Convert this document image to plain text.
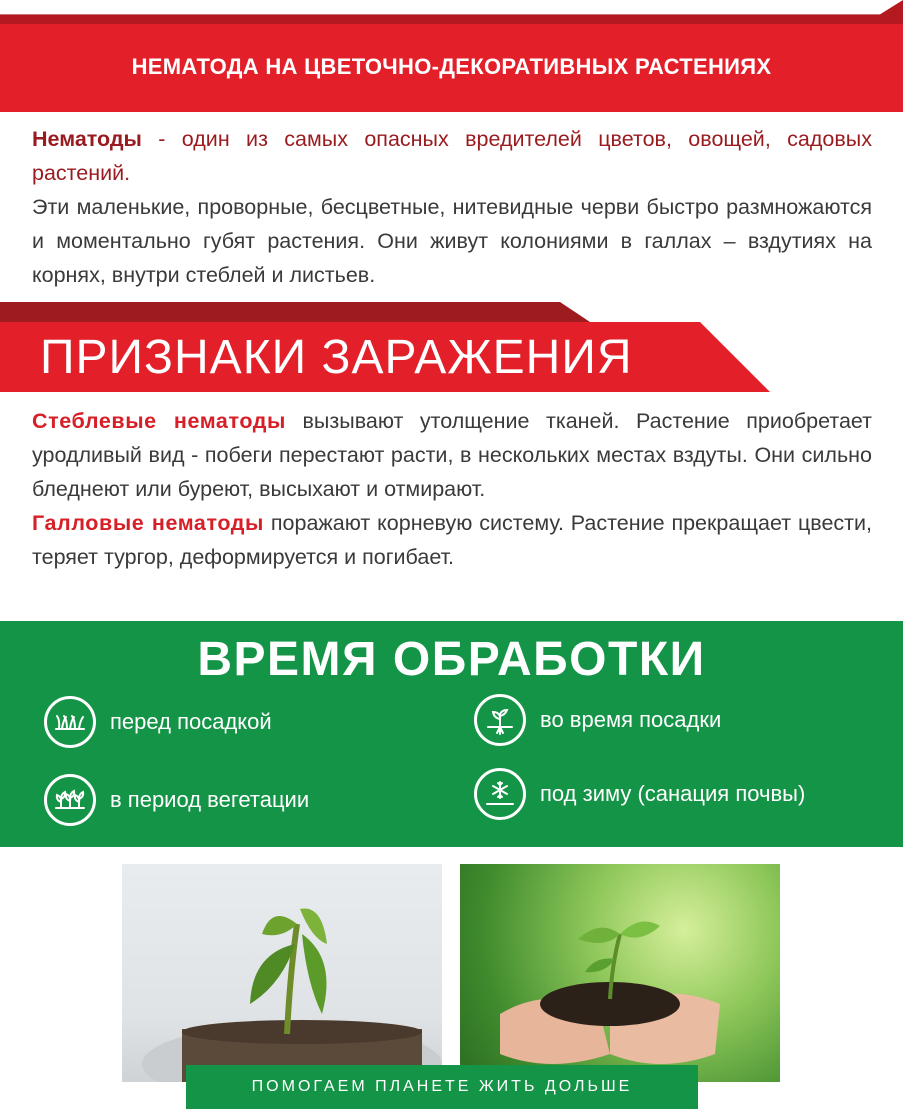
НЕМАТОДА НА ЦВЕТОЧНО-ДЕКОРАТИВНЫХ РАСТЕНИЯХ
Нематоды - один из самых опасных вредителей цветов, овощей, садовых растений.
Эти маленькие, проворные, бесцветные, нитевидные черви быстро размножаются и моментально губят растения. Они живут колониями в галлах – вздутиях на корнях, внутри стеблей и листьев.
ПРИЗНАКИ ЗАРАЖЕНИЯ
Стеблевые нематоды вызывают утолщение тканей. Растение приобретает уродливый вид - побеги перестают расти, в нескольких местах вздуты. Они сильно бледнеют или буреют, высыхают и отмирают.
Галловые нематоды поражают корневую систему. Растение прекращает цвести, теряет тургор, деформируется и погибает.
ВРЕМЯ ОБРАБОТКИ
перед посадкой	во время посадки
в период вегетации	под зиму (санация почвы)
ПОМОГАЕМ ПЛАНЕТЕ ЖИТЬ ДОЛЬШЕ
